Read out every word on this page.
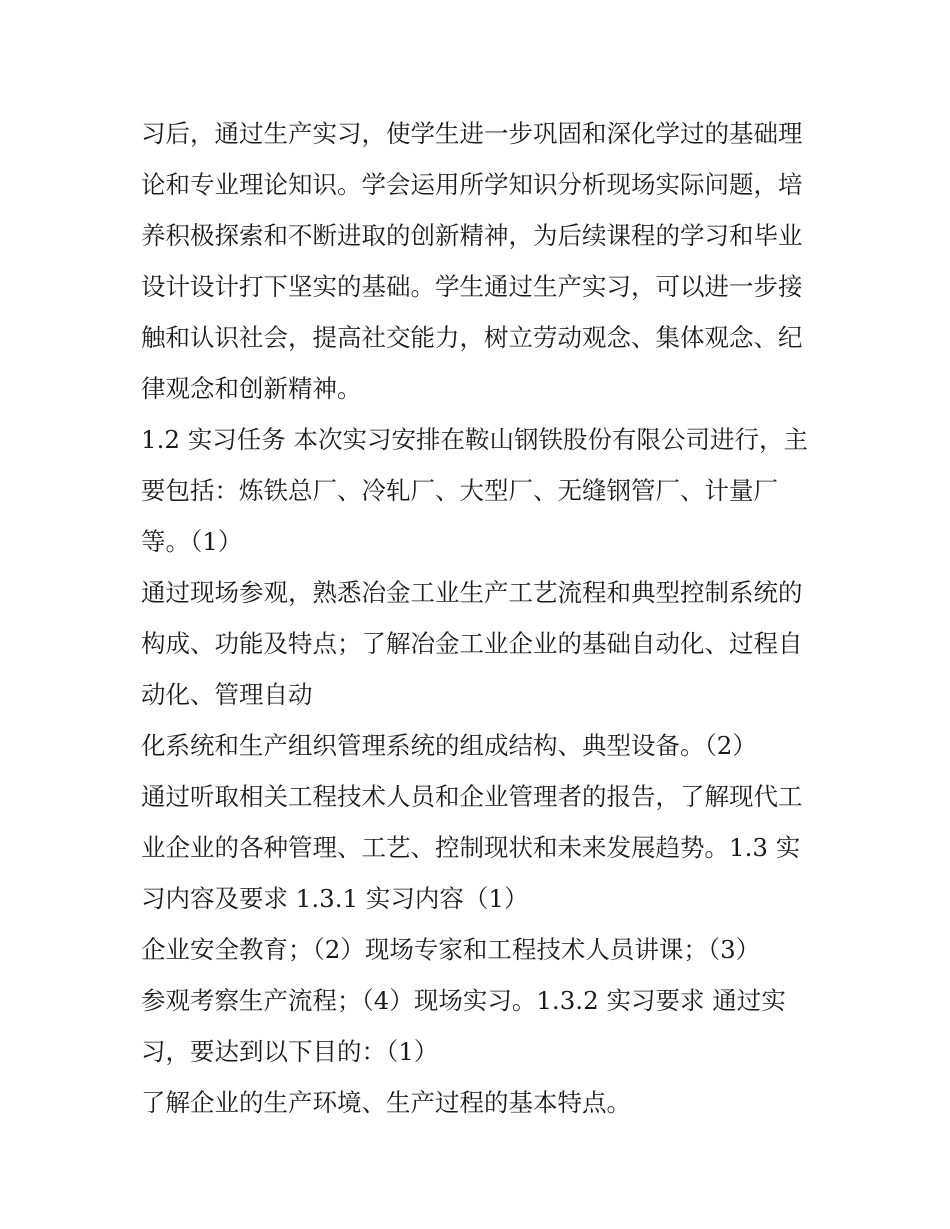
习后，通过生产实习，使学生进一步巩固和深化学过的基础理
论和专业理论知识。学会运用所学知识分析现场实际问题，培
养积极探索和不断进取的创新精神，为后续课程的学习和毕业
设计设计打下坚实的基础。学生通过生产实习，可以进一步接
触和认识社会，提高社交能力，树立劳动观念、集体观念、纪
律观念和创新精神。
1.2 实习任务 本次实习安排在鞍山钢铁股份有限公司进行，主
要包括：炼铁总厂、冷轧厂、大型厂、无缝钢管厂、计量厂
等。（1）
通过现场参观，熟悉冶金工业生产工艺流程和典型控制系统的
构成、功能及特点；了解冶金工业企业的基础自动化、过程自
动化、管理自动
化系统和生产组织管理系统的组成结构、典型设备。（2）
通过听取相关工程技术人员和企业管理者的报告，了解现代工
业企业的各种管理、工艺、控制现状和未来发展趋势。1.3 实
习内容及要求 1.3.1 实习内容（1）
企业安全教育；（2）现场专家和工程技术人员讲课；（3）
参观考察生产流程；（4）现场实习。1.3.2 实习要求 通过实
习，要达到以下目的：（1）
了解企业的生产环境、生产过程的基本特点。
